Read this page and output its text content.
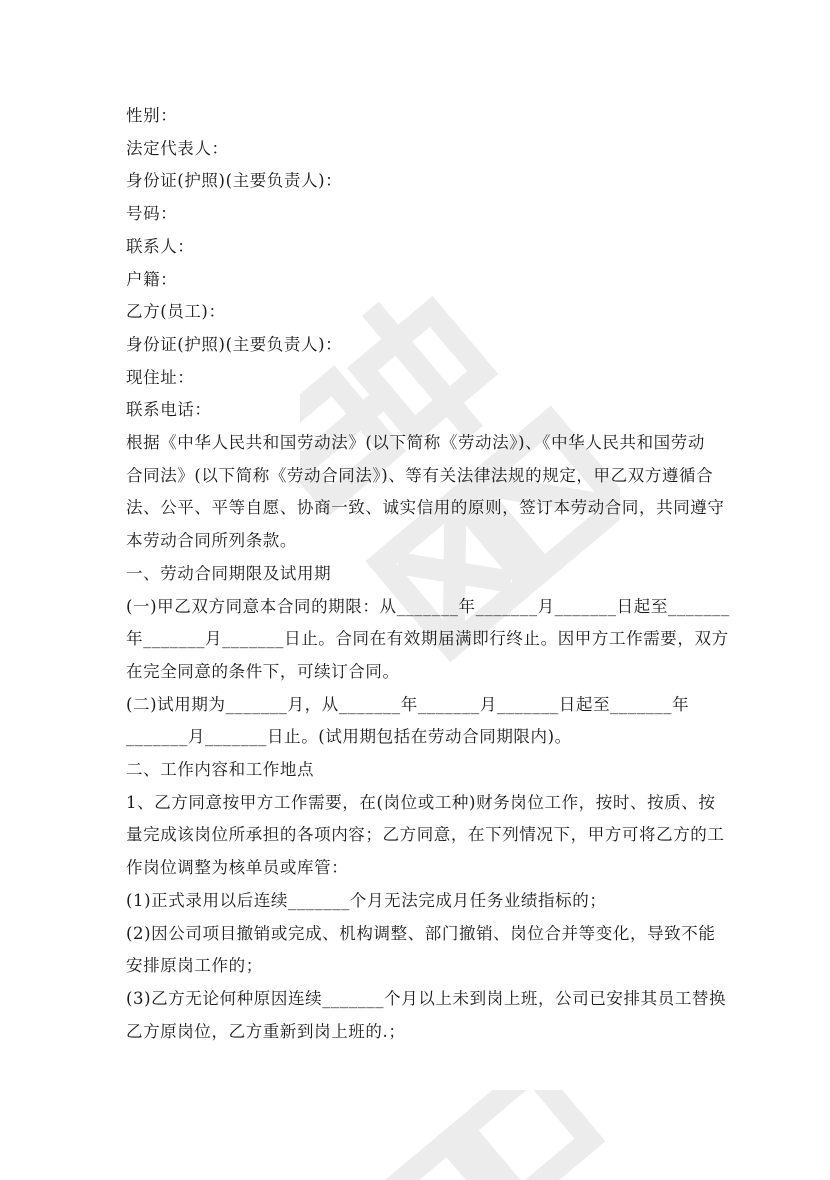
性别：
法定代表人：
身份证(护照)(主要负责人)：
号码：
联系人：
户籍：
乙方(员工)：
身份证(护照)(主要负责人)：
现住址：
联系电话：
根据《中华人民共和国劳动法》(以下简称《劳动法》)、《中华人民共和国劳动
合同法》(以下简称《劳动合同法》)、等有关法律法规的规定，甲乙双方遵循合
法、公平、平等自愿、协商一致、诚实信用的原则，签订本劳动合同，共同遵守
本劳动合同所列条款。
一、劳动合同期限及试用期
(一)甲乙双方同意本合同的期限：从_______年_______月_______日起至_______
年_______月_______日止。合同在有效期届满即行终止。因甲方工作需要，双方
在完全同意的条件下，可续订合同。
(二)试用期为_______月，从_______年_______月_______日起至_______年
_______月_______日止。(试用期包括在劳动合同期限内)。
二、工作内容和工作地点
1、乙方同意按甲方工作需要，在(岗位或工种)财务岗位工作，按时、按质、按
量完成该岗位所承担的各项内容；乙方同意，在下列情况下，甲方可将乙方的工
作岗位调整为核单员或库管：
(1)正式录用以后连续_______个月无法完成月任务业绩指标的；
(2)因公司项目撤销或完成、机构调整、部门撤销、岗位合并等变化，导致不能
安排原岗工作的；
(3)乙方无论何种原因连续_______个月以上未到岗上班，公司已安排其员工替换
乙方原岗位，乙方重新到岗上班的.；
